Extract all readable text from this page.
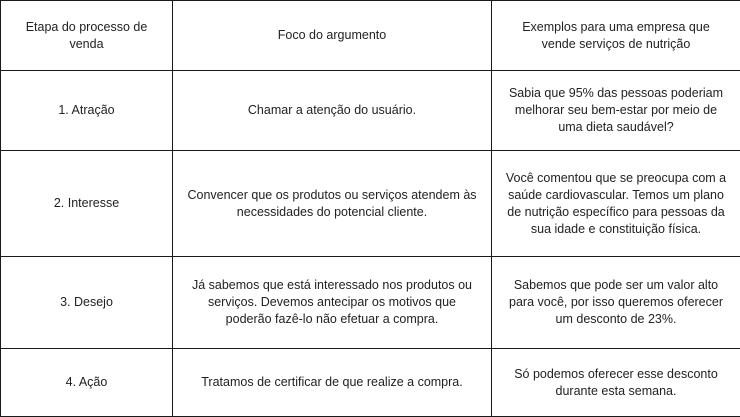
Etapa do processo de venda	Foco do argumento	Exemplos para uma empresa que vende serviços de nutrição
1. Atração	Chamar a atenção do usuário.	Sabia que 95% das pessoas poderiam melhorar seu bem-estar por meio de uma dieta saudável?
2. Interesse	Convencer que os produtos ou serviços atendem às necessidades do potencial cliente.	Você comentou que se preocupa com a saúde cardiovascular. Temos um plano de nutrição específico para pessoas da sua idade e constituição física.
3. Desejo	Já sabemos que está interessado nos produtos ou serviços. Devemos antecipar os motivos que poderão fazê-lo não efetuar a compra.	Sabemos que pode ser um valor alto para você, por isso queremos oferecer um desconto de 23%.
4. Ação	Tratamos de certificar de que realize a compra.	Só podemos oferecer esse desconto durante esta semana.
